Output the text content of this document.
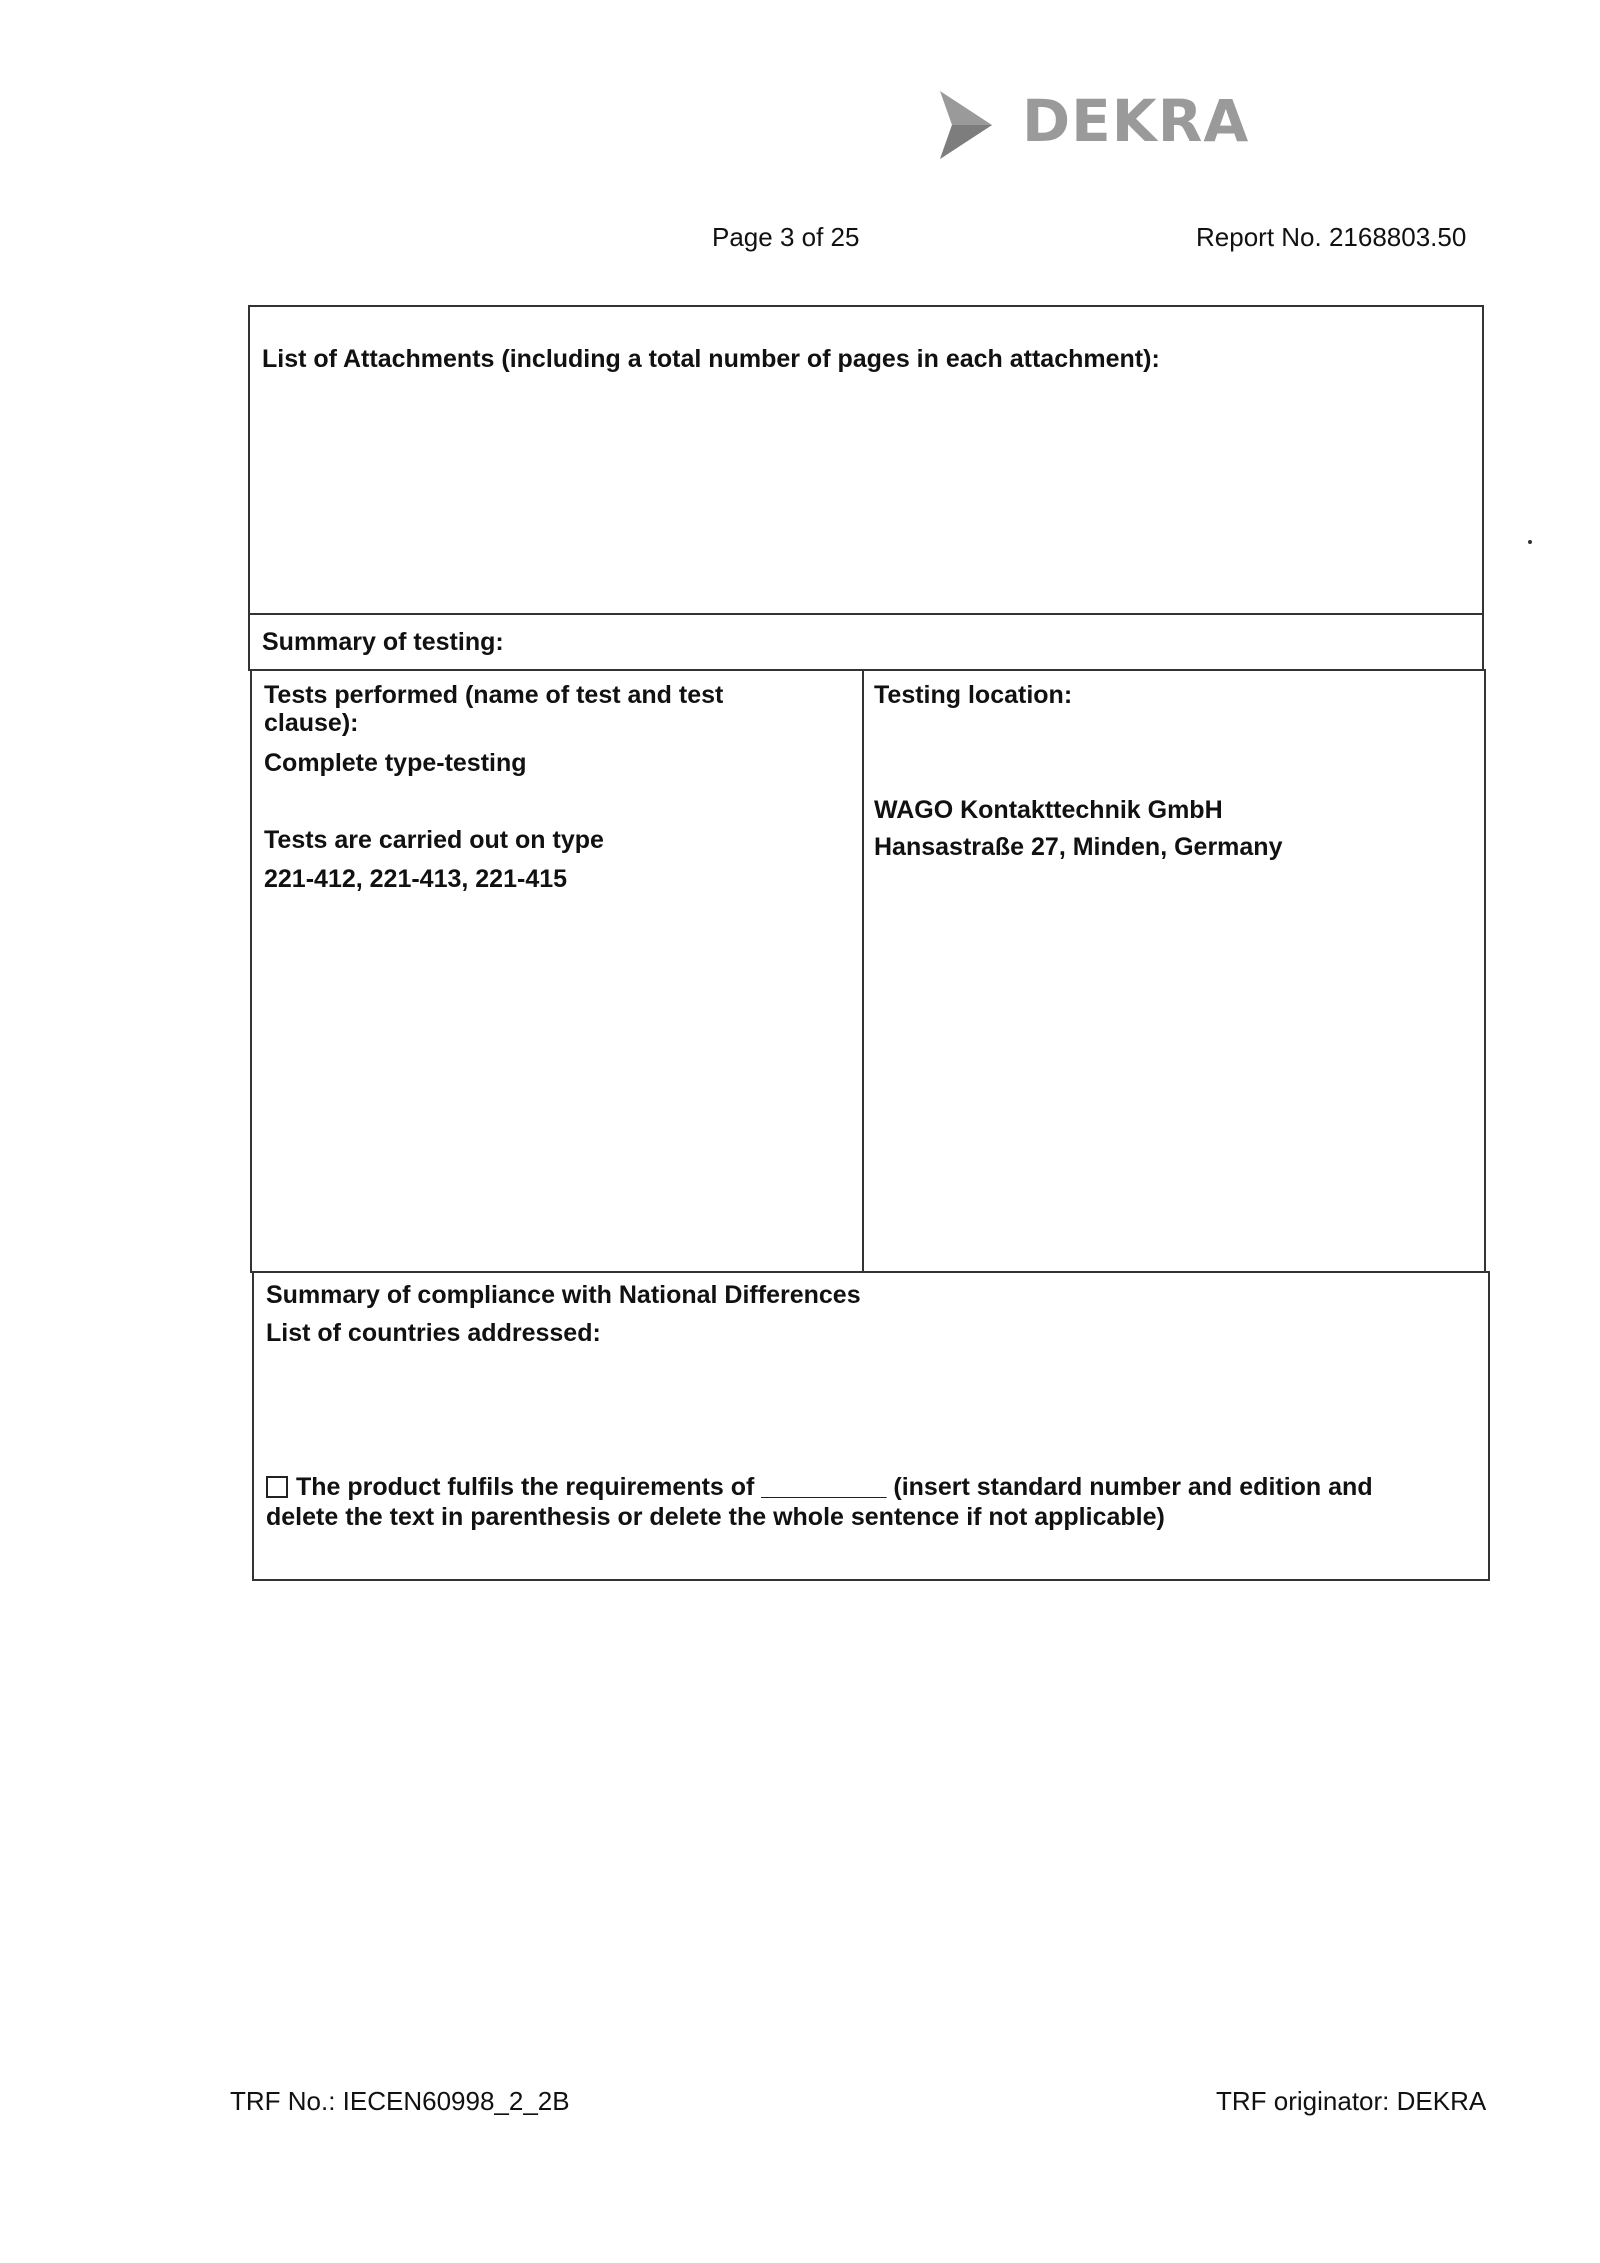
DEKRA
Page 3 of 25	Report No. 2168803.50
List of Attachments (including a total number of pages in each attachment):
Summary of testing:
Tests performed (name of test and test
clause):
Complete type-testing
Tests are carried out on type
221-412, 221-413, 221-415
Testing location:
WAGO Kontakttechnik GmbH
Hansastraße 27, Minden, Germany
Summary of compliance with National Differences
List of countries addressed:
The product fulfils the requirements of _________ (insert standard number and edition and
delete the text in parenthesis or delete the whole sentence if not applicable)
TRF No.: IECEN60998_2_2B	TRF originator: DEKRA
